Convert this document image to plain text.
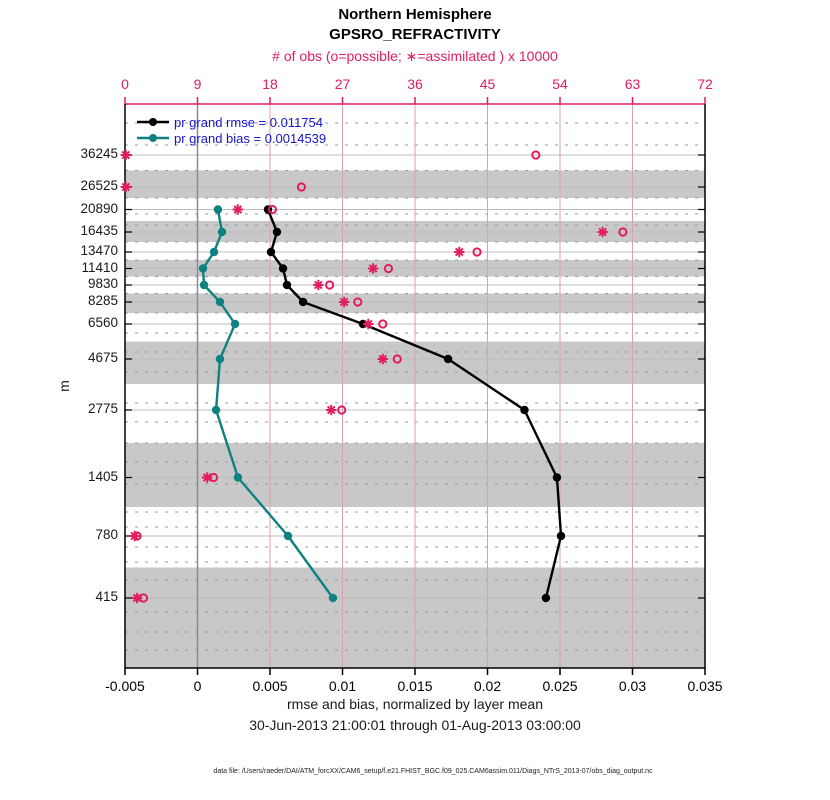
Northern Hemisphere
GPSRO_REFRACTIVITY
# of obs (o=possible; ∗=assimilated ) x 10000
pr grand rmse = 0.011754
pr grand bias = 0.0014539
m
rmse and bias, normalized by layer mean
30-Jun-2013 21:00:01 through 01-Aug-2013 03:00:00
data file: /Users/raeder/DAI/ATM_forcXX/CAM6_setup/f.e21.FHIST_BGC.f09_025.CAM6assim.011/Diags_NTrS_2013-07/obs_diag_output.nc
0	9	18	27	36	45	54	63	72
-0.005	0	0.005	0.01	0.015	0.02	0.025	0.03	0.035
36245
26525
20890
16435
13470
11410
9830
8285
6560
4675
2775
1405
780
415
